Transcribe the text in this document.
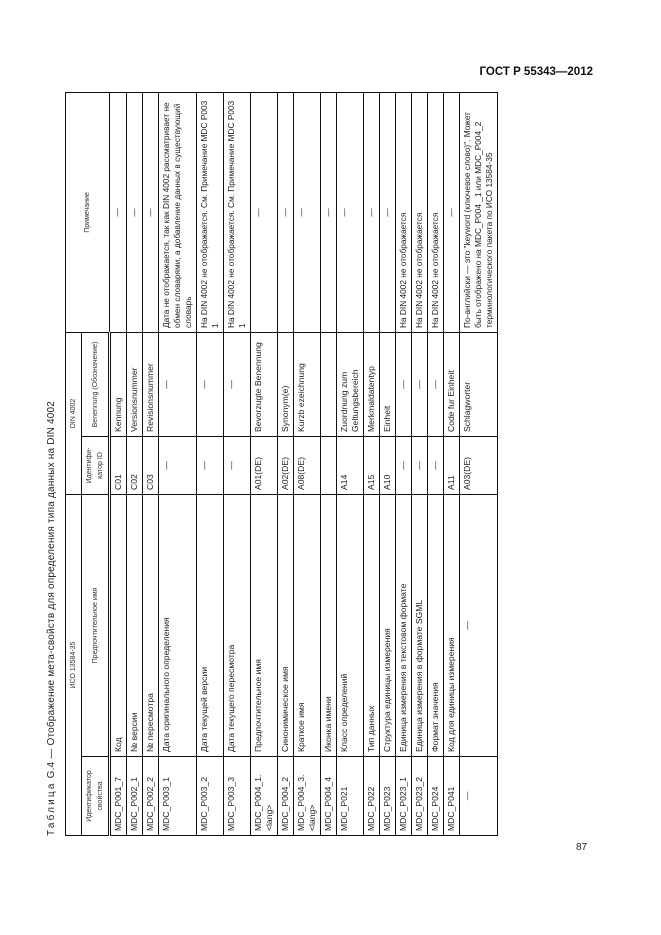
ГОСТ Р 55343—2012
Таблица G.4 — Отображение мета-свойств для определения типа данных на DIN 4002	ИСО 13584-35		DIN 4002		Примечание
Идентификатор свойства	Предпочтительное имя	Идентифи-катор ID	Benennung (Обозначение)	
MDC_P001_7	Код	C01	Kennung	—
MDC_P002_1	№ версии	C02	Versionsnummer	—
MDC_P002_2	№ пересмотра	C03	Revisionsnummer	—
MDC_P003_1	Дата оригинального определения	—	—	Дата не отображается, так как DIN 4002 рассматривает не обмен словарями, а добавление данных в существующий словарь
MDC_P003_2	Дата текущей версии	—	—	На DIN 4002 не отображается. См. Примечание MDC P003 1
MDC_P003_3	Дата текущего пересмотра	—	—	На DIN 4002 не отображается. См. Примечание MDC P003 1
MDC_P004_1.<lang>	Предпочтительное имя	A01(DE)	Bevorzugte Benennung	—
MDC_P004_2	Синонимическое имя	A02(DE)	Synonym(e)	—
MDC_P004_3.<lang>	Краткое имя	A08(DE)	Kurzb ezeichnung	—
MDC_P004_4	Иконка имени			—
MDC_P021	Класс определений	A14	Zuordnung zum Geltungsbereich	—
MDC_P022	Тип данных	A15	Merkmaldatentyp	—
MDC_P023	Структура единицы измерения	A10	Einheit	—
MDC_P023_1	Единица измерения в текстовом формате	—	—	На DIN 4002 не отображается
MDC_P023_2	Единица измерения в формате SGML	—	—	На DIN 4002 не отображается
MDC_P024	Формат значения	—	—	На DIN 4002 не отображается
MDC_P041	Код для единицы измерения	A11	Code fur Einheit	—
—	—	A03(DE)	Schlagworter	По-английски — это "keyword (ключевое слово)". Может быть отображено на MDC_P004 _1 или MDC_P004_2 терминологического пакета по ИСО 13584-35
87
